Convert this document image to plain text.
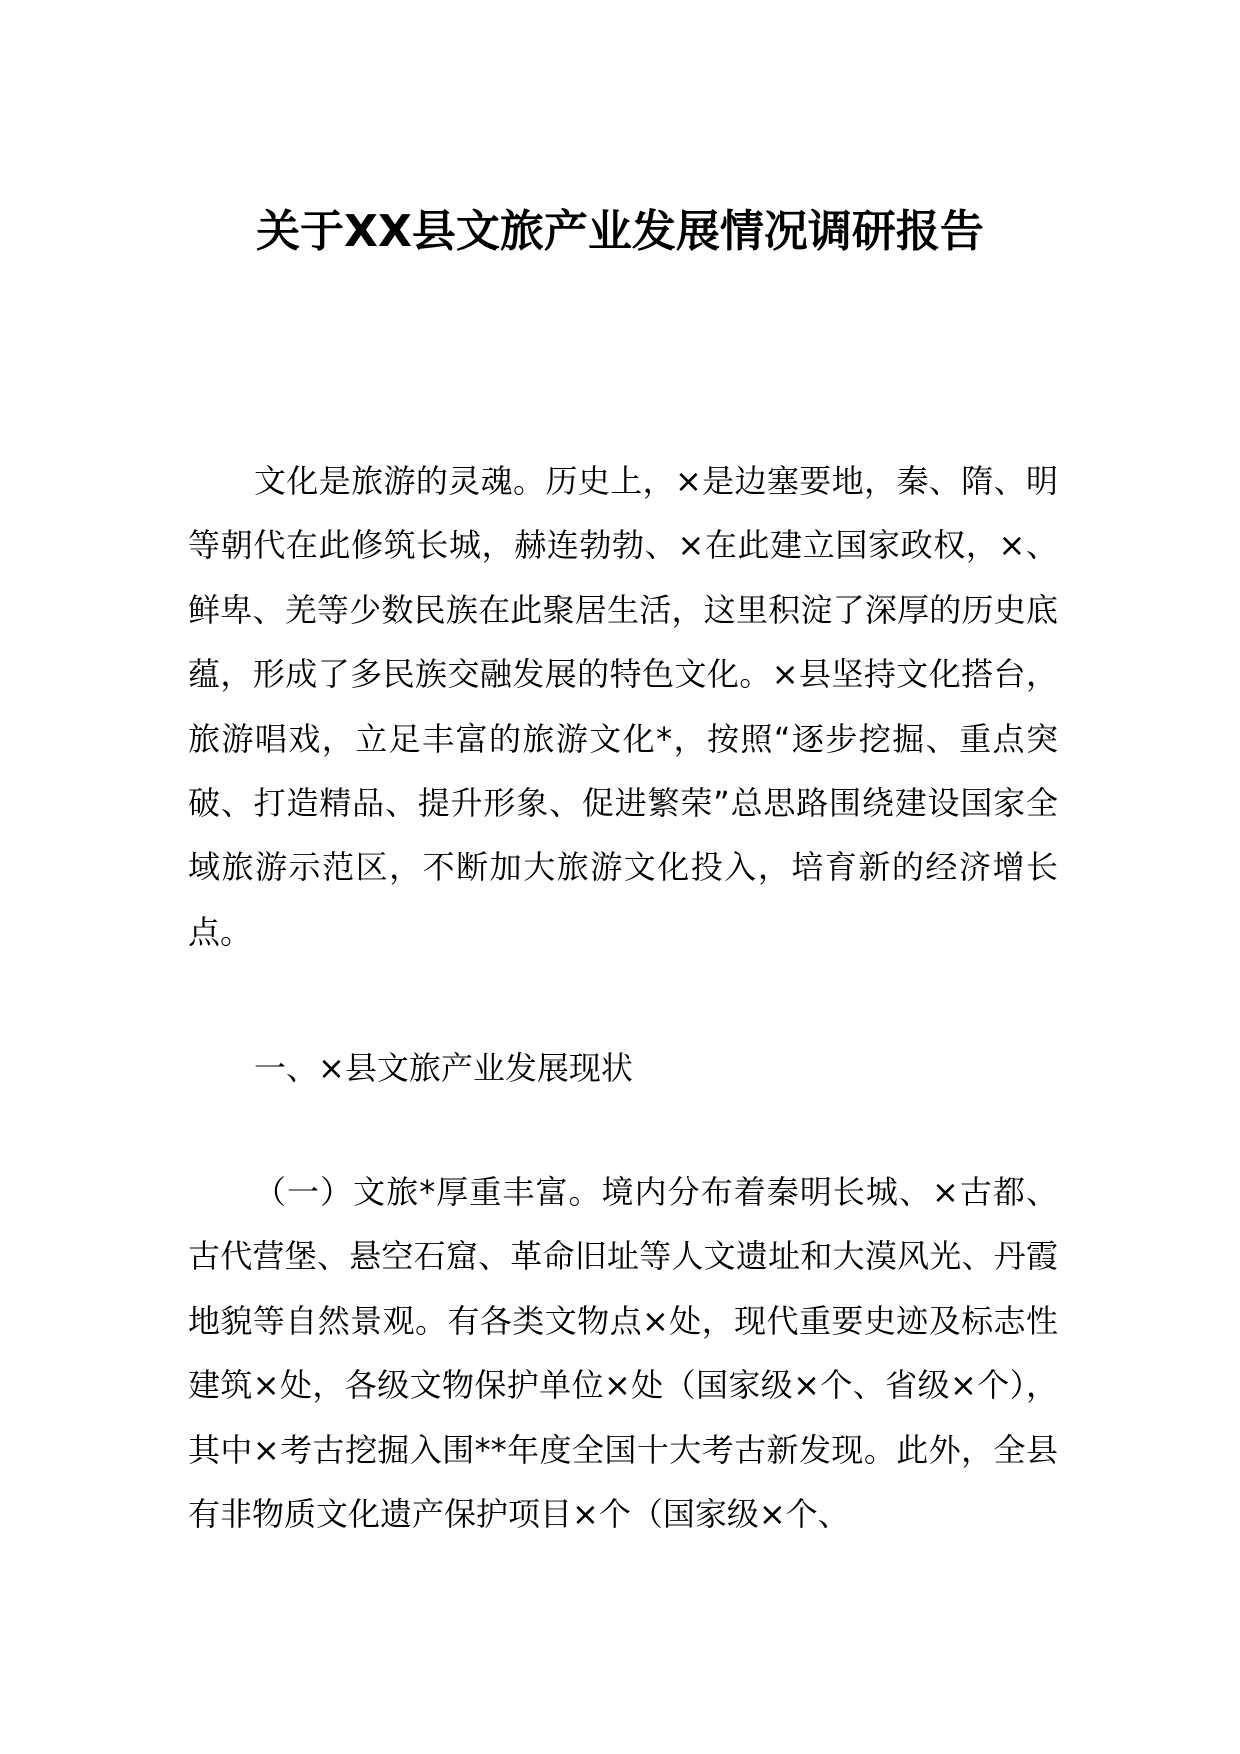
关于XX县文旅产业发展情况调研报告

文化是旅游的灵魂。历史上，×是边塞要地，秦、隋、明等朝代在此修筑长城，赫连勃勃、×在此建立国家政权，×、鲜卑、羌等少数民族在此聚居生活，这里积淀了深厚的历史底蕴，形成了多民族交融发展的特色文化。×县坚持文化搭台，旅游唱戏，立足丰富的旅游文化*，按照“逐步挖掘、重点突破、打造精品、提升形象、促进繁荣”总思路围绕建设国家全域旅游示范区，不断加大旅游文化投入，培育新的经济增长点。

一、×县文旅产业发展现状

（一）文旅*厚重丰富。境内分布着秦明长城、×古都、古代营堡、悬空石窟、革命旧址等人文遗址和大漠风光、丹霞地貌等自然景观。有各类文物点×处，现代重要史迹及标志性建筑×处，各级文物保护单位×处（国家级×个、省级×个），其中×考古挖掘入围**年度全国十大考古新发现。此外，全县有非物质文化遗产保护项目×个（国家级×个、
